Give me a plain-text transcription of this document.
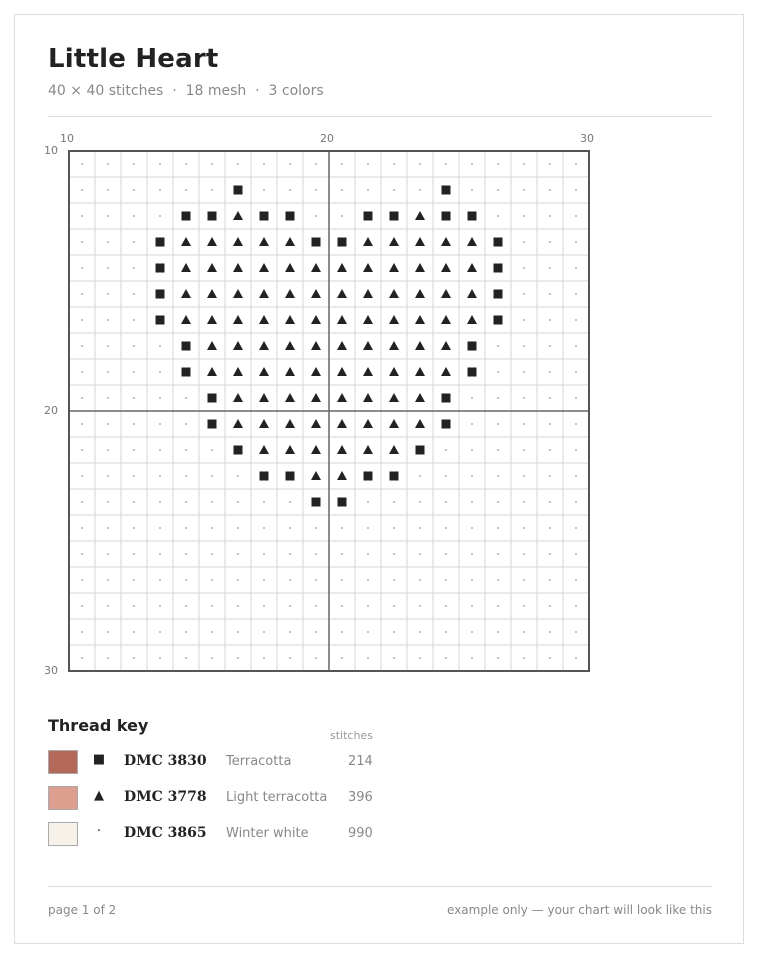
Little Heart
40 × 40 stitches  ·  18 mesh  ·  3 colors
10	20	30
10
20
30
Thread key
stitches
■ DMC 3830 Terracotta	214
▲ DMC 3778 Light terracotta 396
·	DMC 3865 Winter white	990
page 1 of 2	example only — your chart will look like this
